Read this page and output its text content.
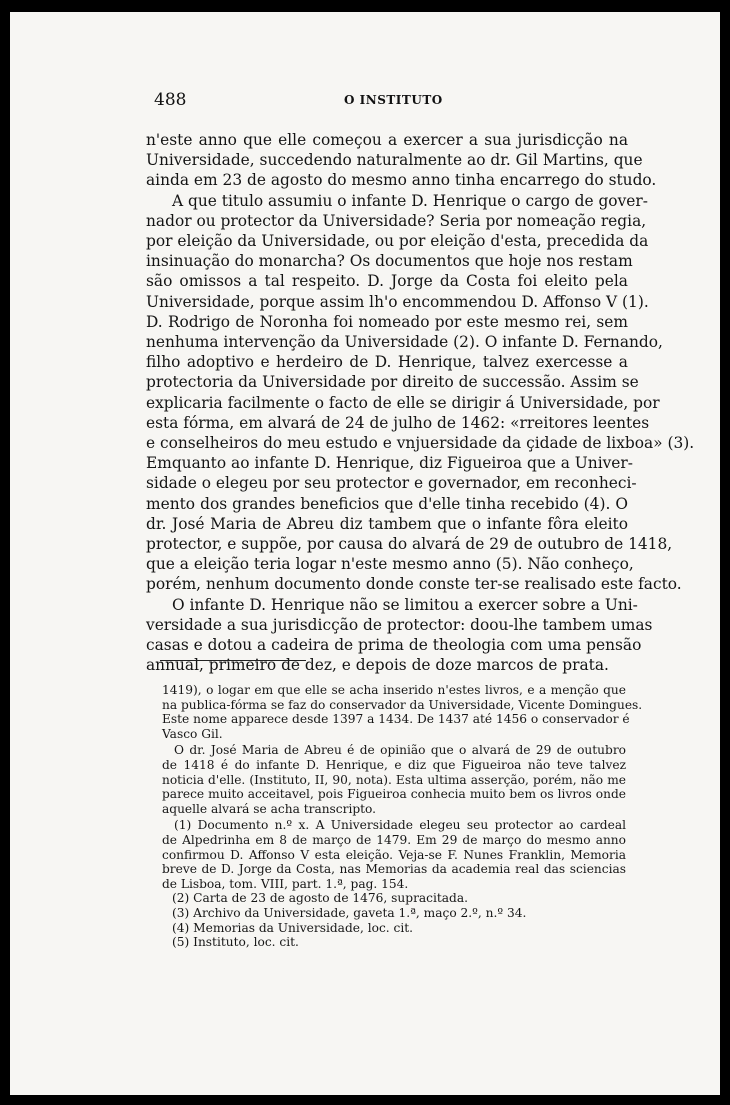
488	O INSTITUTO
n'este anno que elle começou a exercer a sua jurisdicção na
Universidade, succedendo naturalmente ao dr. Gil Martins, que
ainda em 23 de agosto do mesmo anno tinha encarrego do studo.
A que titulo assumiu o infante D. Henrique o cargo de gover-
nador ou protector da Universidade? Seria por nomeação regia,
por eleição da Universidade, ou por eleição d'esta, precedida da
insinuação do monarcha? Os documentos que hoje nos restam
são omissos a tal respeito. D. Jorge da Costa foi eleito pela
Universidade, porque assim lh'o encommendou D. Affonso V (1).
D. Rodrigo de Noronha foi nomeado por este mesmo rei, sem
nenhuma intervenção da Universidade (2). O infante D. Fernando,
filho adoptivo e herdeiro de D. Henrique, talvez exercesse a
protectoria da Universidade por direito de successão. Assim se
explicaria facilmente o facto de elle se dirigir á Universidade, por
esta fórma, em alvará de 24 de julho de 1462: «rreitores leentes
e conselheiros do meu estudo e vnjuersidade da çidade de lixboa» (3).
Emquanto ao infante D. Henrique, diz Figueiroa que a Univer-
sidade o elegeu por seu protector e governador, em reconheci-
mento dos grandes beneficios que d'elle tinha recebido (4). O
dr. José Maria de Abreu diz tambem que o infante fôra eleito
protector, e suppõe, por causa do alvará de 29 de outubro de 1418,
que a eleição teria logar n'este mesmo anno (5). Não conheço,
porém, nenhum documento donde conste ter-se realisado este facto.
O infante D. Henrique não se limitou a exercer sobre a Uni-
versidade a sua jurisdicção de protector: doou-lhe tambem umas
casas e dotou a cadeira de prima de theologia com uma pensão
annual, primeiro de dez, e depois de doze marcos de prata.
1419), o logar em que elle se acha inserido n'estes livros, e a menção que
na publica-fórma se faz do conservador da Universidade, Vicente Domingues.
Este nome apparece desde 1397 a 1434. De 1437 até 1456 o conservador é
Vasco Gil.
O dr. José Maria de Abreu é de opinião que o alvará de 29 de outubro
de 1418 é do infante D. Henrique, e diz que Figueiroa não teve talvez
noticia d'elle. (Instituto, II, 90, nota). Esta ultima asserção, porém, não me
parece muito acceitavel, pois Figueiroa conhecia muito bem os livros onde
aquelle alvará se acha transcripto.
(1) Documento n.º x. A Universidade elegeu seu protector ao cardeal
de Alpedrinha em 8 de março de 1479. Em 29 de março do mesmo anno
confirmou D. Affonso V esta eleição. Veja-se F. Nunes Franklin, Memoria
breve de D. Jorge da Costa, nas Memorias da academia real das sciencias
de Lisboa, tom. VIII, part. 1.ª, pag. 154.
(2) Carta de 23 de agosto de 1476, supracitada.
(3) Archivo da Universidade, gaveta 1.ª, maço 2.º, n.º 34.
(4) Memorias da Universidade, loc. cit.
(5) Instituto, loc. cit.
